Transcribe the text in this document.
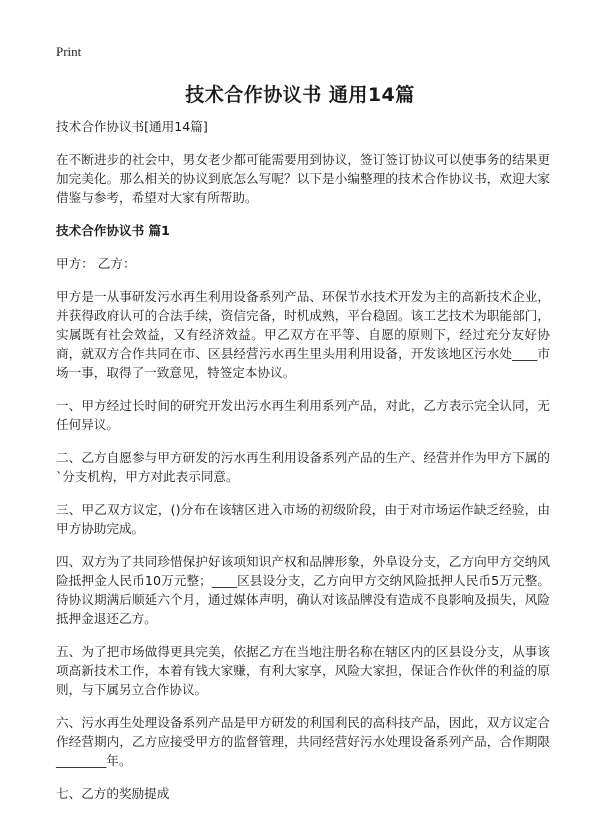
Print
技术合作协议书 通用14篇

技术合作协议书[通用14篇]

在不断进步的社会中，男女老少都可能需要用到协议，签订签订协议可以使事务的结果更加完美化。那么相关的协议到底怎么写呢？以下是小编整理的技术合作协议书，欢迎大家借鉴与参考，希望对大家有所帮助。

技术合作协议书 篇1

甲方： 乙方：

甲方是一从事研发污水再生利用设备系列产品、环保节水技术开发为主的高新技术企业，并获得政府认可的合法手续，资信完备，时机成熟，平台稳固。该工艺技术为职能部门，实属既有社会效益，又有经济效益。甲乙双方在平等、自愿的原则下，经过充分友好协商，就双方合作共同在市、区县经营污水再生里头用利用设备，开发该地区污水处____市场一事，取得了一致意见，特签定本协议。

一、甲方经过长时间的研究开发出污水再生利用系列产品，对此，乙方表示完全认同，无任何异议。

二、乙方自愿参与甲方研发的污水再生利用设备系列产品的生产、经营并作为甲方下属的`分支机构，甲方对此表示同意。

三、甲乙双方议定，()分布在该辖区进入市场的初级阶段，由于对市场运作缺乏经验，由甲方协助完成。

四、双方为了共同珍惜保护好该项知识产权和品牌形象，外阜设分支，乙方向甲方交纳风险抵押金人民币10万元整；____区县设分支，乙方向甲方交纳风险抵押人民币5万元整。待协议期满后顺延六个月，通过媒体声明，确认对该品牌没有造成不良影响及损失，风险抵押金退还乙方。

五、为了把市场做得更具完美，依据乙方在当地注册名称在辖区内的区县设分支，从事该项高新技术工作，本着有钱大家赚，有利大家享，风险大家担，保证合作伙伴的利益的原则，与下属另立合作协议。

六、污水再生处理设备系列产品是甲方研发的利国利民的高科技产品，因此，双方议定合作经营期内，乙方应接受甲方的监督管理，共同经营好污水处理设备系列产品，合作期限________年。

七、乙方的奖励提成
